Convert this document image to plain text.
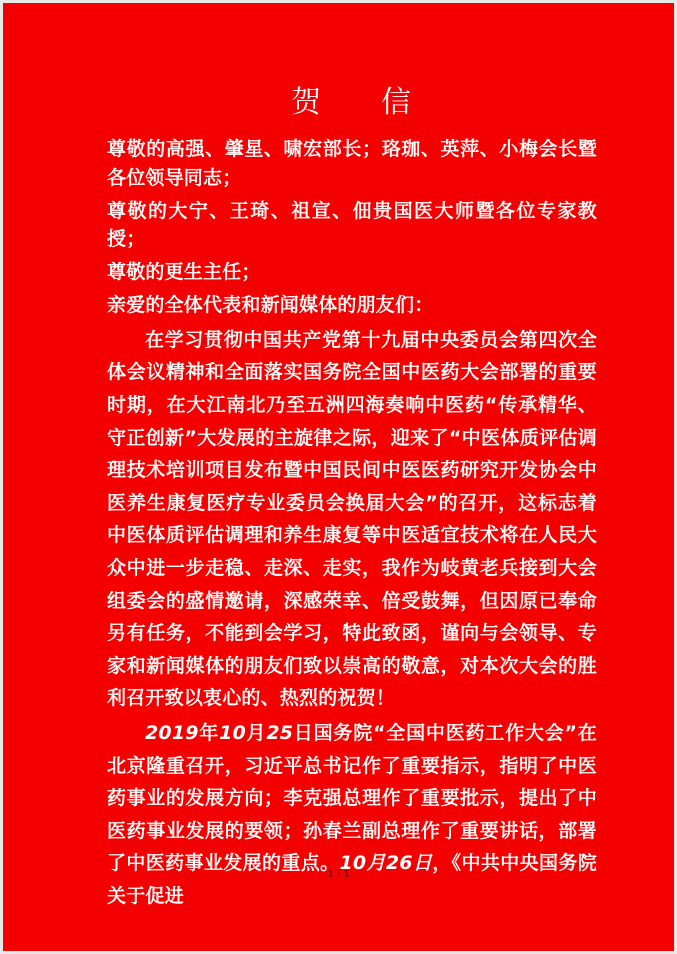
贺 信

尊敬的高强、肇星、啸宏部长；珞珈、英萍、小梅会长暨各位领导同志；

尊敬的大宁、王琦、祖宣、佃贵国医大师暨各位专家教授；

尊敬的更生主任；

亲爱的全体代表和新闻媒体的朋友们：

在学习贯彻中国共产党第十九届中央委员会第四次全体会议精神和全面落实国务院全国中医药大会部署的重要时期，在大江南北乃至五洲四海奏响中医药“传承精华、守正创新”大发展的主旋律之际，迎来了“中医体质评估调理技术培训项目发布暨中国民间中医医药研究开发协会中医养生康复医疗专业委员会换届大会”的召开，这标志着中医体质评估调理和养生康复等中医适宜技术将在人民大众中进一步走稳、走深、走实，我作为岐黄老兵接到大会组委会的盛情邀请，深感荣幸、倍受鼓舞，但因原已奉命另有任务，不能到会学习，特此致函，谨向与会领导、专家和新闻媒体的朋友们致以崇高的敬意，对本次大会的胜利召开致以衷心的、热烈的祝贺！

2019年10月25日国务院“全国中医药工作大会”在北京隆重召开，习近平总书记作了重要指示，指明了中医药事业的发展方向；李克强总理作了重要批示，提出了中医药事业发展的要领；孙春兰副总理作了重要讲话，部署了中医药事业发展的重点。10月26日，《中共中央国务院关于促进

1 / 1
